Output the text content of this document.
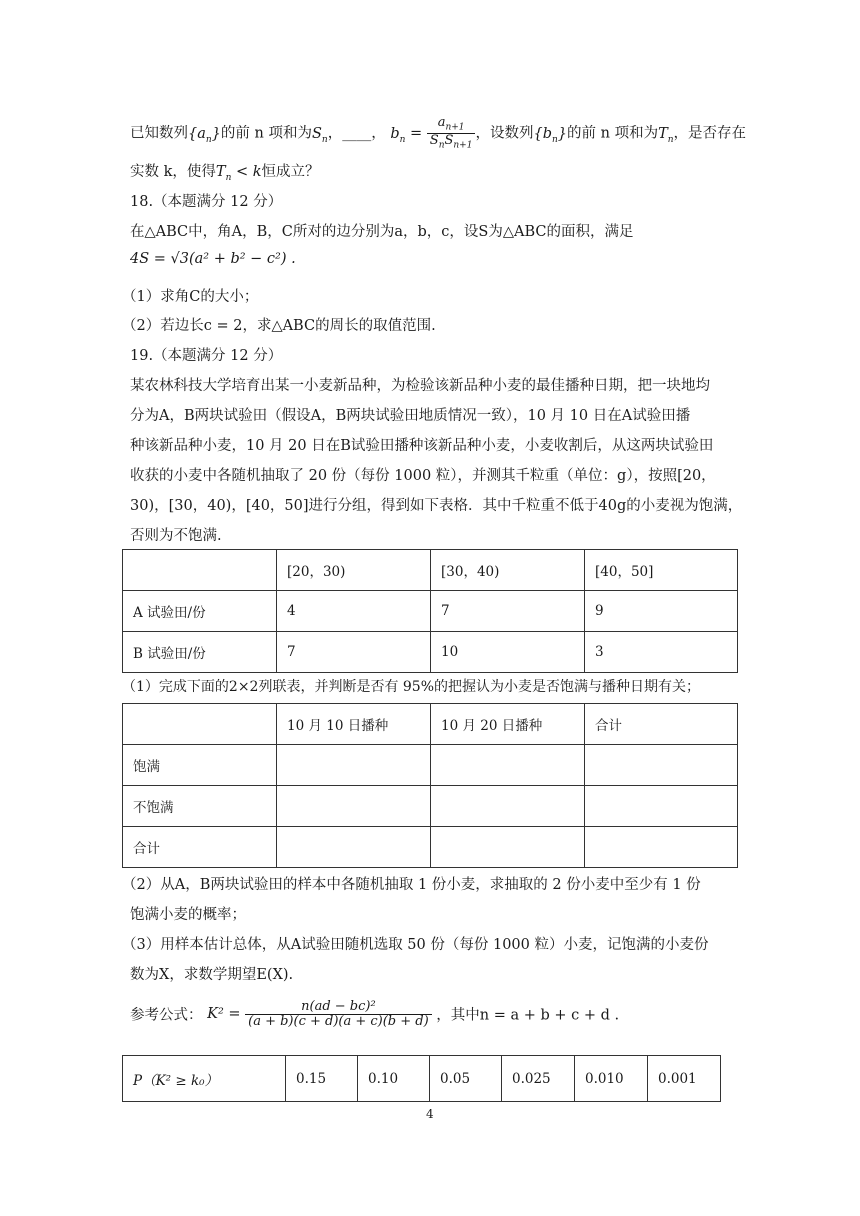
已知数列$\{a_n\}$的前 n 项和为$S_n$，____， $b_n = \frac{a_{n+1}}{S_nS_{n+1}}$ ，设数列$\{b_n\}$的前 n 项和为$T_n$，是否存在
实数 k，使得$T_n < k$恒成立？
18.（本题满分 12 分）
在△ABC中，角A，B，C所对的边分别为a，b，c，设S为△ABC的面积，满足
4S = √3(a² + b² − c²) .
（1）求角C的大小；
（2）若边长c = 2，求△ABC的周长的取值范围.
19.（本题满分 12 分）
某农林科技大学培育出某一小麦新品种，为检验该新品种小麦的最佳播种日期，把一块地均
分为A，B两块试验田（假设A，B两块试验田地质情况一致），10 月 10 日在A试验田播
种该新品种小麦，10 月 20 日在B试验田播种该新品种小麦，小麦收割后，从这两块试验田
收获的小麦中各随机抽取了 20 份（每份 1000 粒），并测其千粒重（单位：g），按照[20，
30)，[30，40)，[40，50]进行分组，得到如下表格．其中千粒重不低于40g的小麦视为饱满，
否则为不饱满.
	[20，30)	[30，40)	[40，50]
A 试验田/份	4	7	9
B 试验田/份	7	10	3
（1）完成下面的2×2列联表，并判断是否有 95%的把握认为小麦是否饱满与播种日期有关；
	10 月 10 日播种	10 月 20 日播种	合计
饱满			
不饱满			
合计			
（2）从A，B两块试验田的样本中各随机抽取 1 份小麦，求抽取的 2 份小麦中至少有 1 份
饱满小麦的概率；
（3）用样本估计总体，从A试验田随机选取 50 份（每份 1000 粒）小麦，记饱满的小麦份
数为X，求数学期望E(X).
参考公式： $K^2 = \frac{\text{n(ad − bc)²}}{(a + b)(c + d)(a + c)(b + d)}$ ，其中n = a + b + c + d .
P（K² ≥ k₀）	0.15	0.10	0.05	0.025	0.010	0.001
4
